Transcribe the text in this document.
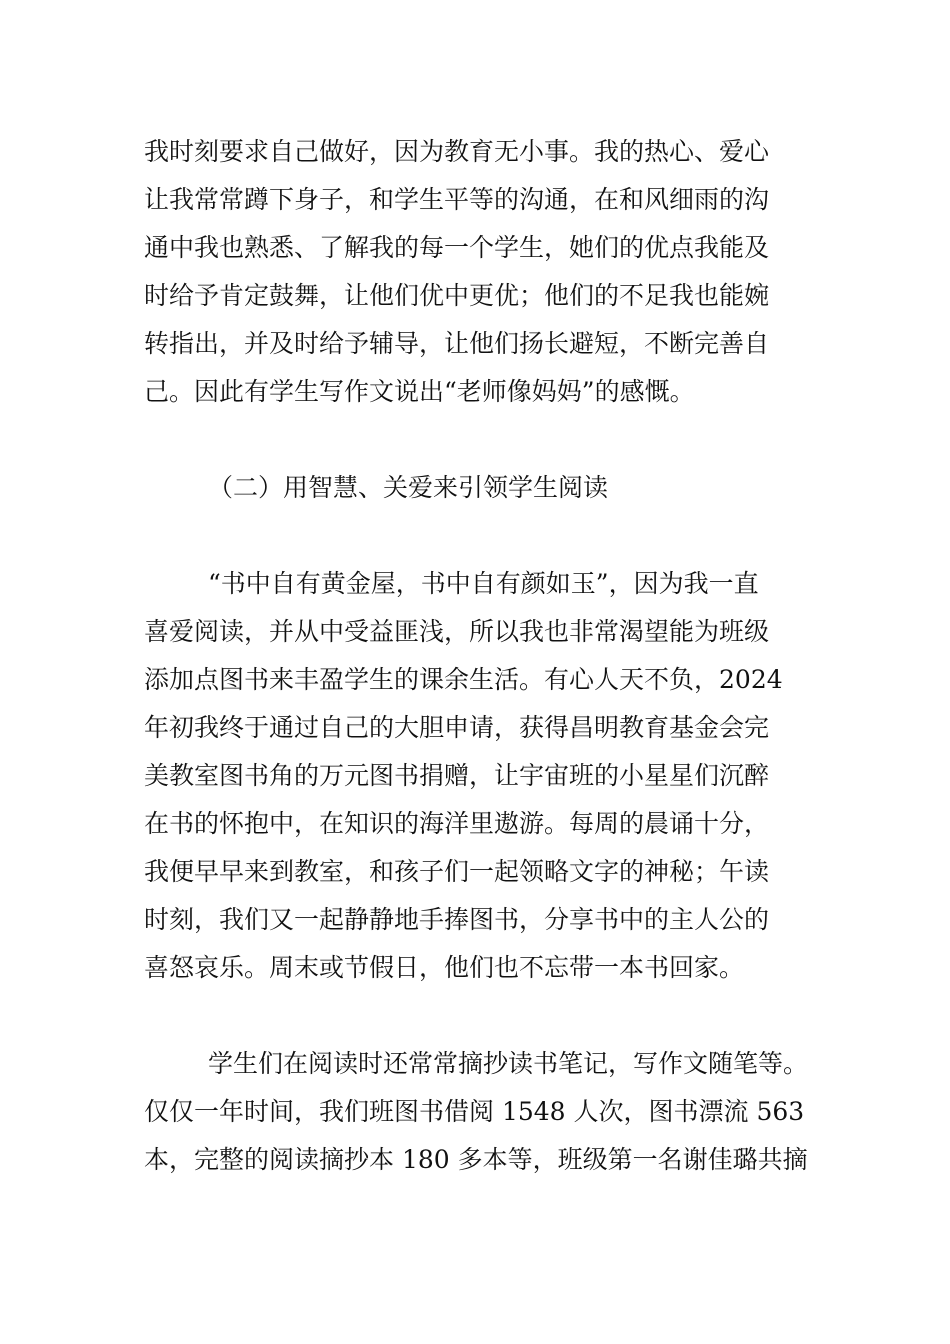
我时刻要求自己做好，因为教育无小事。我的热心、爱心
让我常常蹲下身子，和学生平等的沟通，在和风细雨的沟
通中我也熟悉、了解我的每一个学生，她们的优点我能及
时给予肯定鼓舞，让他们优中更优；他们的不足我也能婉
转指出，并及时给予辅导，让他们扬长避短，不断完善自
己。因此有学生写作文说出“老师像妈妈”的感慨。
（二）用智慧、关爱来引领学生阅读
“书中自有黄金屋，书中自有颜如玉”，因为我一直
喜爱阅读，并从中受益匪浅，所以我也非常渴望能为班级
添加点图书来丰盈学生的课余生活。有心人天不负，2024
年初我终于通过自己的大胆申请，获得昌明教育基金会完
美教室图书角的万元图书捐赠，让宇宙班的小星星们沉醉
在书的怀抱中，在知识的海洋里遨游。每周的晨诵十分，
我便早早来到教室，和孩子们一起领略文字的神秘；午读
时刻，我们又一起静静地手捧图书，分享书中的主人公的
喜怒哀乐。周末或节假日，他们也不忘带一本书回家。
学生们在阅读时还常常摘抄读书笔记，写作文随笔等。
仅仅一年时间，我们班图书借阅 1548 人次，图书漂流 563
本，完整的阅读摘抄本 180 多本等，班级第一名谢佳璐共摘
